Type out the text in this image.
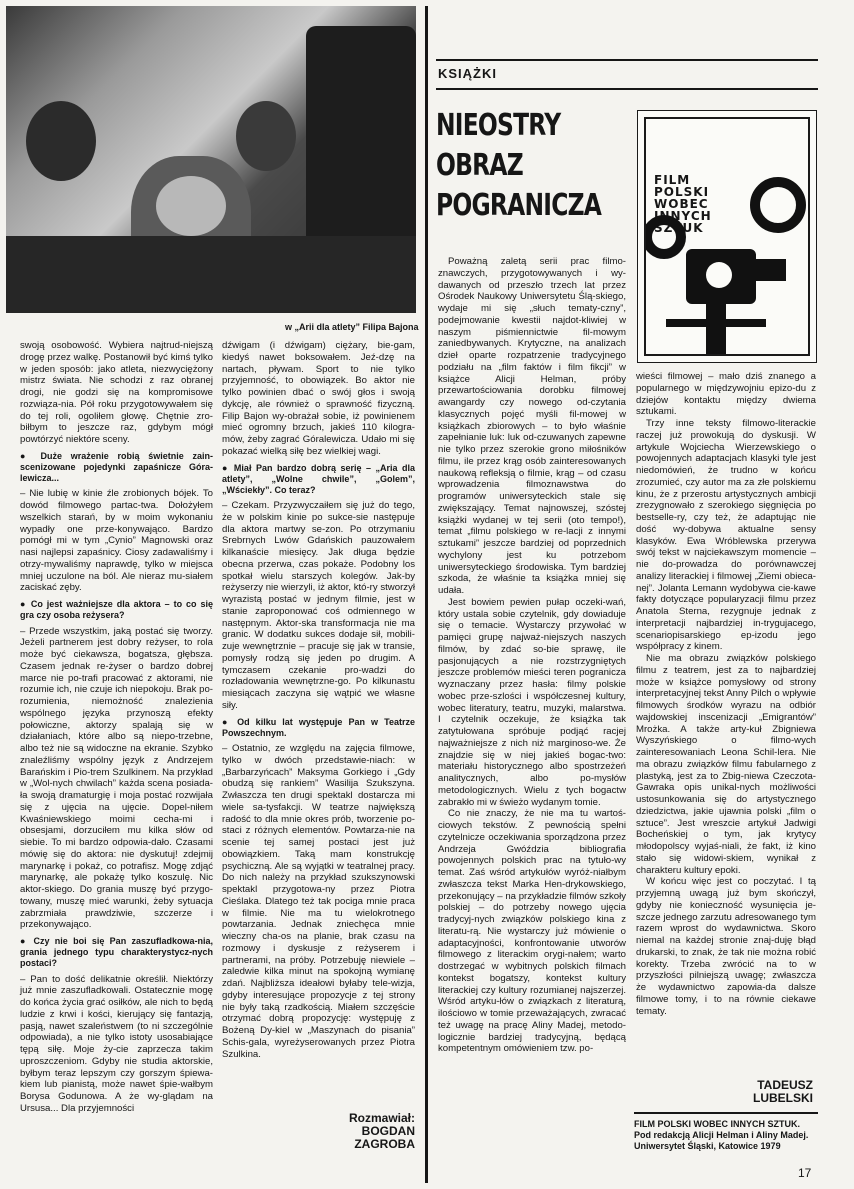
w „Arii dla atlety” Filipa Bajona

swoją osobowość. Wybiera najtrud-niejszą drogę przez walkę. Postanowił być kimś tylko w jeden sposób: jako atleta, niezwyciężony mistrz świata. Nie schodzi z raz obranej drogi, nie godzi się na kompromisowe rozwiąza-nia. Pół roku przygotowywałem się do tej roli, ogoliłem głowę. Chętnie zro-biłbym to jeszcze raz, gdybym mógł powtórzyć niektóre sceny.

● Duże wrażenie robią świetnie zain-scenizowane pojedynki zapaśnicze Góra-lewicza...

– Nie lubię w kinie źle zrobionych bójek. To dowód filmowego partac-twa. Dołożyłem wszelkich starań, by w moim wykonaniu wypadły one prze-konywająco. Bardzo pomógł mi w tym „Cynio” Magnowski oraz nasi najlepsi zapaśnicy. Ciosy zadawaliśmy i otrzy-mywaliśmy naprawdę, tylko w miejsca mniej uczulone na ból. Ale nieraz mu-siałem zaciskać zęby.

● Co jest ważniejsze dla aktora – to co się gra czy osoba reżysera?

– Przede wszystkim, jaką postać się tworzy. Jeżeli partnerem jest dobry reżyser, to rola może być ciekawsza, bogatsza, głębsza. Czasem jednak re-żyser o bardzo dobrej marce nie po-trafi pracować z aktorami, nie rozumie ich, nie czuje ich niepokoju. Brak po-rozumienia, niemożność znalezienia wspólnego języka przynoszą efekty połowiczne, aktorzy spalają się w działaniach, które albo są niepo-trzebne, albo też nie są widoczne na ekranie. Szybko znaleźliśmy wspólny język z Andrzejem Barańskim i Pio-trem Szulkinem. Na przykład w „Wol-nych chwilach” każda scena posiada-ła swoją dramaturgię i moja postać rozwijała się z ujęcia na ujęcie. Dopel-niłem Kwaśniewskiego moimi cecha-mi i obsesjami, dorzuciłem mu kilka słów od siebie. To mi bardzo odpowia-dało. Czasami mówię się do aktora: nie dyskutuj! zdejmij marynarkę i pokaż, co potrafisz. Mogę zdjąć marynarkę, ale pokażę tylko koszulę. Nic aktor-skiego. Do grania muszę być przygo-towany, muszę mieć warunki, żeby sytuacja zabrzmiała prawdziwie, szczerze i przekonywająco.

● Czy nie boi się Pan zaszufladkowa-nia, grania jednego typu charakterystycz-nych postaci?

– Pan to dość delikatnie określił. Niektórzy już mnie zaszufladkowali. Ostatecznie mogę do końca życia grać osiłków, ale nich to będą ludzie z krwi i kości, kierujący się fantazją, pasją, nawet szaleństwem (to ni szczególnie odpowiada), a nie tylko istoty usosabiające tępą siłę. Moje ży-cie zaprzecza takim uproszczeniom. Gdyby nie studia aktorskie, byłbym teraz lepszym czy gorszym śpiewa-kiem lub pianistą, może nawet śpie-wałbym Borysa Godunowa. A że wy-glądam na Ursusa... Dla przyjemności

dźwigam (i dźwigam) ciężary, bie-gam, kiedyś nawet boksowałem. Jeź-dzę na nartach, pływam. Sport to nie tylko przyjemność, to obowiązek. Bo aktor nie tylko powinien dbać o swój głos i swoją dykcję, ale również o sprawność fizyczną. Filip Bajon wy-obrażał sobie, iż powinienem mieć ogromny brzuch, jakieś 110 kilogra-mów, żeby zagrać Góralewicza. Udało mi się pokazać wielką siłę bez wielkiej wagi.

● Miał Pan bardzo dobrą serię – „Aria dla atlety”, „Wolne chwile”, „Golem”, „Wściekły”. Co teraz?

– Czekam. Przyzwyczaiłem się już do tego, że w polskim kinie po sukce-sie następuje dla aktora martwy se-zon. Po otrzymaniu Srebrnych Lwów Gdańskich pauzowałem kilkanaście miesięcy. Jak długa będzie obecna przerwa, czas pokaże. Podobny los spotkał wielu starszych kolegów. Jak-by reżyserzy nie wierzyli, iż aktor, któ-ry stworzył wyrazistą postać w jednym filmie, jest w stanie zaproponować coś odmiennego w następnym. Aktor-ska transformacja nie ma granic. W dodatku sukces dodaje sił, mobili-zuje wewnętrznie – pracuje się jak w transie, pomysły rodzą się jeden po drugim. A tymczasem czekanie pro-wadzi do rozładowania wewnętrzne-go. Po kilkunastu miesiącach zaczyna się wątpić we własne siły.

● Od kilku lat występuje Pan w Teatrze Powszechnym.

– Ostatnio, ze względu na zajęcia filmowe, tylko w dwóch przedstawie-niach: w „Barbarzyńcach” Maksyma Gorkiego i „Gdy obudzą się rankiem” Wasilija Szukszyna. Zwłaszcza ten drugi spektakl dostarcza mi wiele sa-tysfakcji. W teatrze największą radość to dla mnie okres prób, tworzenie po-staci z różnych elementów. Powtarza-nie na scenie tej samej postaci jest już obowiązkiem. Taką mam konstrukcję psychiczną. Ale są wyjątki w teatralnej pracy. Do nich należy na przykład szukszynowski spektakl przygotowa-ny przez Piotra Cieślaka. Dlatego też tak pociga mnie praca w filmie. Nie ma tu wielokrotnego powtarzania. Jednak zniechęca mnie wieczny cha-os na planie, brak czasu na rozmowy i dyskusje z reżyserem i partnerami, na próby. Potrzebuję niewiele – zaledwie kilka minut na spokojną wymianę zdań. Najbliższa ideałowi byłaby tele-wizja, gdyby interesujące propozycje z tej strony nie były taką rzadkością. Miałem szczęście otrzymać dobrą propozycję: występuję z Bożeną Dy-kiel w „Maszynach do pisania” Schis-gala, wyreżyserowanych przez Piotra Szulkina.

Rozmawiał:
BOGDAN
ZAGROBA
KSIĄŻKI
NIEOSTRY
OBRAZ
POGRANICZA
FILM
POLSKI
WOBEC
INNYCH
SZTUK

Poważną zaletą serii prac filmo-znawczych, przygotowywanych i wy-dawanych od przeszło trzech lat przez Ośrodek Naukowy Uniwersytetu Ślą-skiego, wydaje mi się „słuch tematy-czny”, podejmowanie kwestii najdot-kliwiej w naszym piśmiennictwie fil-mowym zaniedbywanych. Krytyczne, na analizach dzieł oparte rozpatrzenie tradycyjnego podziału na „film faktów i film fikcji” w książce Alicji Helman, próby przewartościowania dorobku filmowej awangardy czy nowego od-czytania klasycznych pojęć myśli fil-mowej w książkach zbiorowych – to było właśnie zapełnianie luk: luk od-czuwanych zapewne nie tylko przez szerokie grono miłośników filmu, ile przez krąg osób zainteresowanych naukową refleksją o filmie, krąg – od czasu wprowadzenia filmoznawstwa do programów uniwersyteckich stale się zwiększający. Temat najnowszej, szóstej książki wydanej w tej serii (oto tempo!), temat „filmu polskiego w re-lacji z innymi sztukami” jeszcze bardziej od poprzednich wychylony jest ku potrzebom uniwersyteckiego środowiska. Tym bardziej szkoda, że właśnie ta książka mniej się udała.

Jest bowiem pewien pułap oczeki-wań, który ustala sobie czytelnik, gdy dowiaduje się o temacie. Wystarczy przywołać w pamięci grupę najważ-niejszych naszych filmów, by zdać so-bie sprawę, ile pasjonujących a nie rozstrzygniętych jeszcze problemów mieści teren pogranicza wyznaczany przez hasła: filmy polskie wobec prze-szlości i współczesnej kultury, wobec literatury, teatru, muzyki, malarstwa. I czytelnik oczekuje, że książka tak zatytułowana spróbuje podjąć racjej najważniejsze z nich niż marginoso-we. Że znajdzie się w niej jakieś bogac-two: materiału historycznego albo spostrzeżeń analitycznych, albo po-mysłów metodologicznych. Wielu z tych bogactw zabrakło mi w świeżo wydanym tomie.

Co nie znaczy, że nie ma tu wartoś-ciowych tekstów. Z pewnością spełni czytelnicze oczekiwania sporządzona przez Andrzeja Gwóździa bibliografia powojennych polskich prac na tytuło-wy temat. Zaś wśród artykułów wyróż-niałbym zwłaszcza tekst Marka Hen-drykowskiego, przekonujący – na przykładzie filmów szkoły polskiej – do potrzeby nowego ujęcia tradycyj-nych związków polskiego kina z literatu-rą. Nie wystarczy już mówienie o adaptacyjności, konfrontowanie utworów filmowego z literackim orygi-nałem; warto dostrzegać w wybitnych polskich filmach kontekst bogatszy, kontekst kultury literackiej czy kultury rozumianej najszerzej. Wśród artyku-łów o związkach z literaturą, ilościowo w tomie przeważających, zwracać też uwagę na pracę Aliny Madej, metodo-logicznie bardziej tradycyjną, będącą kompetentnym omówieniem tzw. po-

wieści filmowej – mało dziś znanego a popularnego w międzywojniu epizo-du z dziejów kontaktu między dwiema sztukami.

Trzy inne teksty filmowo-literackie raczej już prowokują do dyskusji. W artykule Wojciecha Wierzewskiego o powojennych adaptacjach klasyki tyle jest niedomówień, że trudno w końcu zrozumieć, czy autor ma za złe polskiemu kinu, że z przerostu artystycznych ambicji zrezygnowało z szerokiego sięgnięcia po bestselle-ry, czy też, że adaptując nie dość wy-dobywa aktualne sensy klasyków. Ewa Wróblewska przerywa swój tekst w najciekawszym momencie – nie do-prowadza do porównawczej analizy literackiej i filmowej „Ziemi obieca-nej”. Jolanta Lemann wydobywa cie-kawe fakty dotyczące popularyzacji filmu przez Anatola Sterna, rezygnuje jednak z interpretacji najbardziej in-trygujacego, scenariopisarskiego ep-izodu jego współpracy z kinem.

Nie ma obrazu związków polskiego filmu z teatrem, jest za to najbardziej może w książce pomysłowy od strony interpretacyjnej tekst Anny Pilch o wpływie filmowych środków wyrazu na odbiór wajdowskiej inscenizacji „Emigrantów” Mrożka. A także arty-kuł Zbigniewa Wyszyńskiego o filmo-wych zainteresowaniach Leona Schil-lera. Nie ma obrazu związków filmu fabularnego z plastyką, jest za to Zbig-niewa Czeczota-Gawraka opis unikal-nych możliwości ustosunkowania się do artystycznego dziedzictwa, jakie ujawnia polski „film o sztuce”. Jest wreszcie artykuł Jadwigi Bocheńskiej o tym, jak krytycy młodopolscy wyjaś-niali, że fakt, iż kino stało się widowi-skiem, wynikał z charakteru kultury epoki.

W końcu więc jest co poczytać. I tą przyjemną uwagą już bym skończył, gdyby nie konieczność wysunięcia je-szcze jednego zarzutu adresowanego tym razem wprost do wydawnictwa. Skoro niemal na każdej stronie znaj-duję błąd drukarski, to znak, że tak nie można robić korekty. Trzeba zwrócić na to w przyszłości pilniejszą uwagę; zwłaszcza że wydawnictwo zapowia-da dalsze filmowe tomy, i to na równie ciekawe tematy.

TADEUSZ
LUBELSKI
FILM POLSKI WOBEC INNYCH SZTUK. Pod redakcją Alicji Helman i Aliny Madej. Uniwersytet Śląski, Katowice 1979
17
